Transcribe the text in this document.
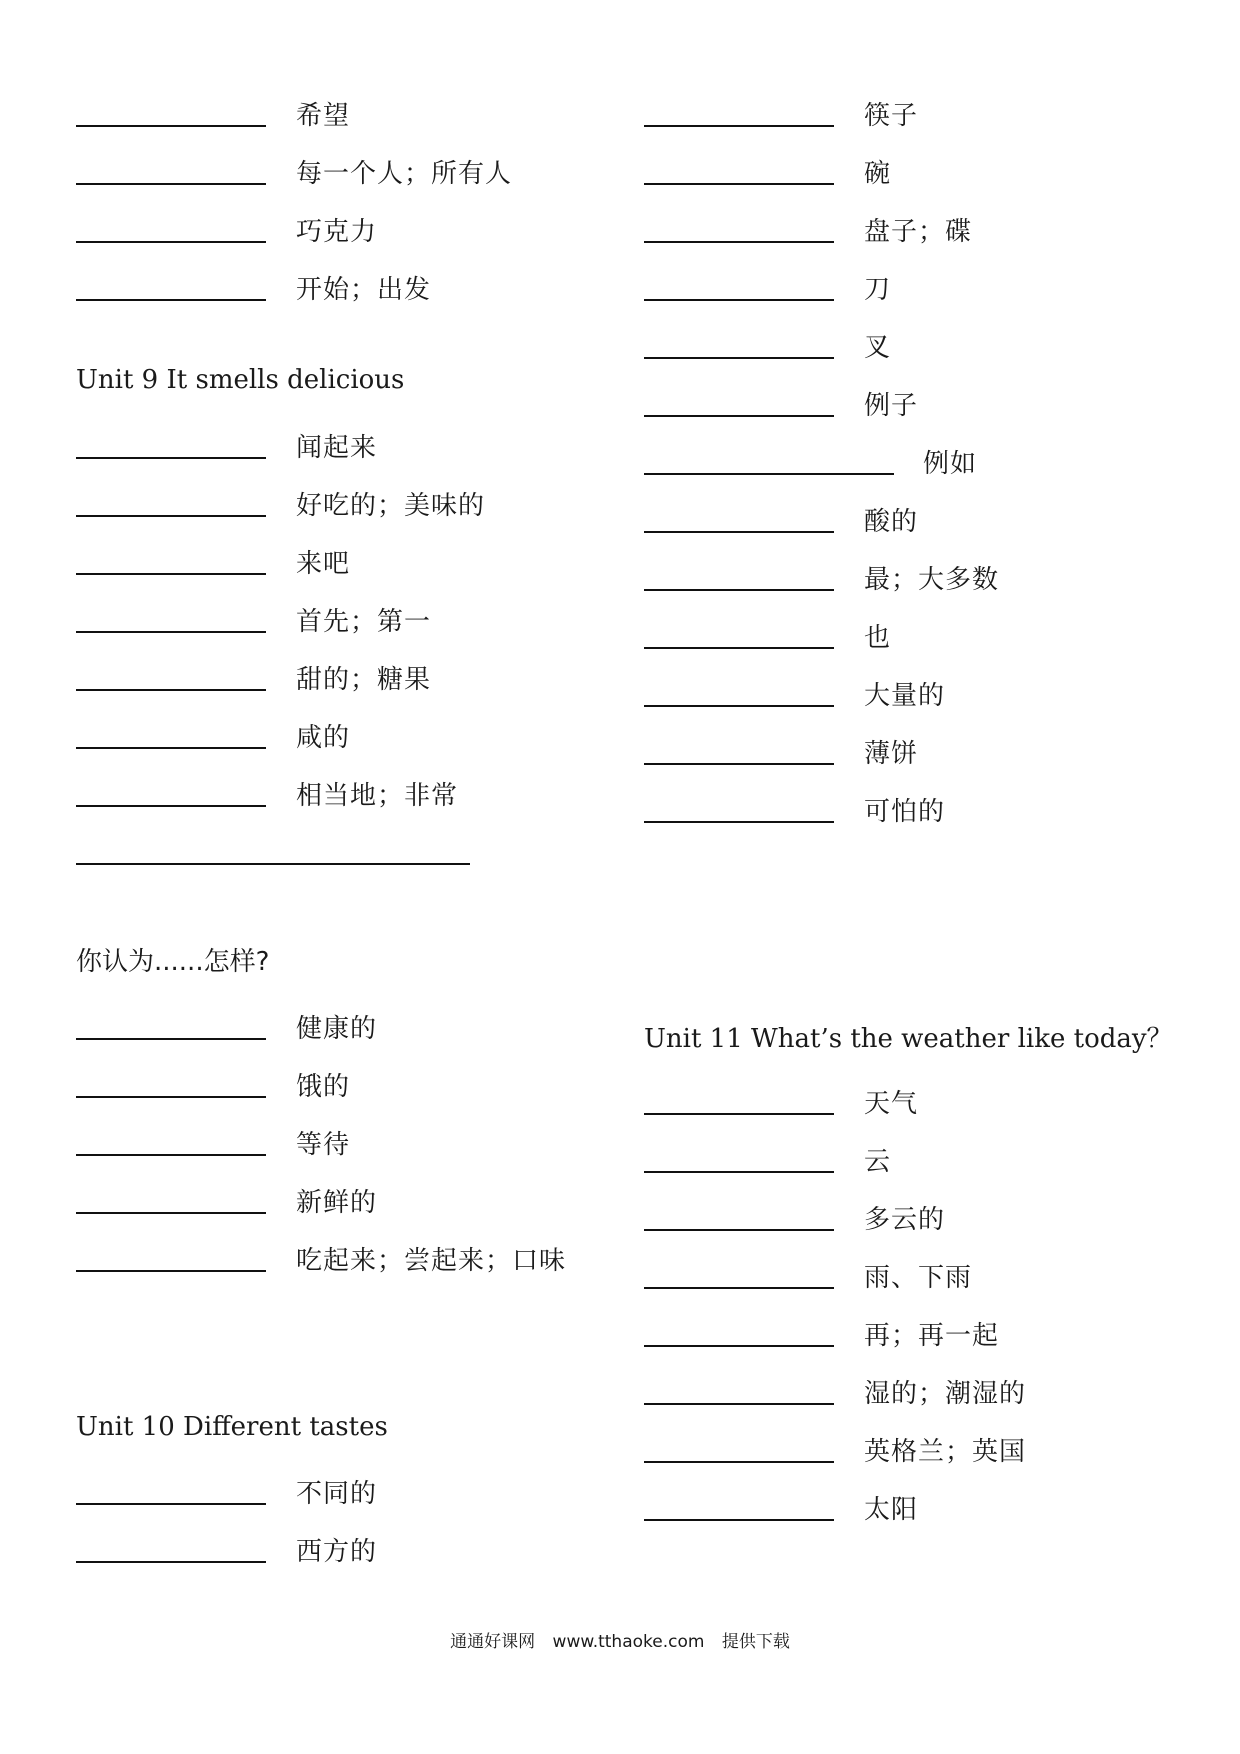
希望
每一个人；所有人
巧克力
开始；出发
Unit 9 It smells delicious
闻起来
好吃的；美味的
来吧
首先；第一
甜的；糖果
咸的
相当地；非常
你认为......怎样?
健康的
饿的
等待
新鲜的
吃起来；尝起来；口味
Unit 10 Different tastes
不同的
西方的
筷子
碗
盘子；碟
刀
叉
例子
例如
酸的
最；大多数
也
大量的
薄饼
可怕的
Unit 11 What’s the weather like today？
天气
云
多云的
雨、下雨
再；再一起
湿的；潮湿的
英格兰；英国
太阳
通通好课网 www.tthaoke.com 提供下载
